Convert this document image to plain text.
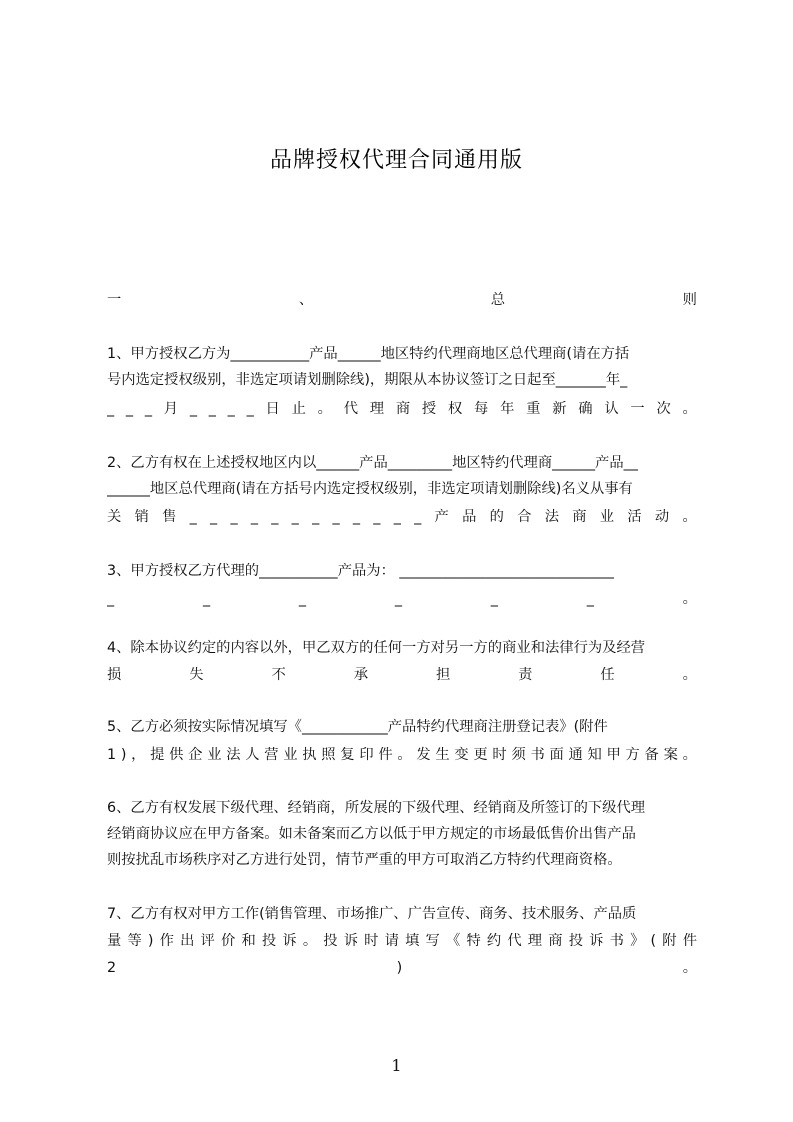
品牌授权代理合同通用版
一	、	总	则
1、甲方授权乙方为___________产品______地区特约代理商地区总代理商(请在方括
号内选定授权级别，非选定项请划删除线)，期限从本协议签订之日起至_______年_
_ _ _ 月 _ _ _ _ 日 止 。 代 理 商 授 权 每 年 重 新 确 认 一 次 。
2、乙方有权在上述授权地区内以______产品_________地区特约代理商______产品__
______地区总代理商(请在方括号内选定授权级别，非选定项请划删除线)名义从事有
关 销 售 _ _ _ _ _ _ _ _ _ _ _ _ 产 品 的 合 法 商 业 活 动 。
3、甲方授权乙方代理的___________产品为： ______________________________
_	_	_	_	_	_	。
4、除本协议约定的内容以外，甲乙双方的任何一方对另一方的商业和法律行为及经营
损	失	不	承	担	责	任	。
5、乙方必须按实际情况填写《____________产品特约代理商注册登记表》(附件
1 ) ， 提 供 企 业 法 人 营 业 执 照 复 印 件 。 发 生 变 更 时 须 书 面 通 知 甲 方 备 案 。
6、乙方有权发展下级代理、经销商，所发展的下级代理、经销商及所签订的下级代理
经销商协议应在甲方备案。如未备案而乙方以低于甲方规定的市场最低售价出售产品
则按扰乱市场秩序对乙方进行处罚，情节严重的甲方可取消乙方特约代理商资格。
7、乙方有权对甲方工作(销售管理、市场推广、广告宣传、商务、技术服务、产品质
量 等 ) 作 出 评 价 和 投 诉 。 投 诉 时 请 填 写 《 特 约 代 理 商 投 诉 书 》 ( 附 件
2	)	。
1
